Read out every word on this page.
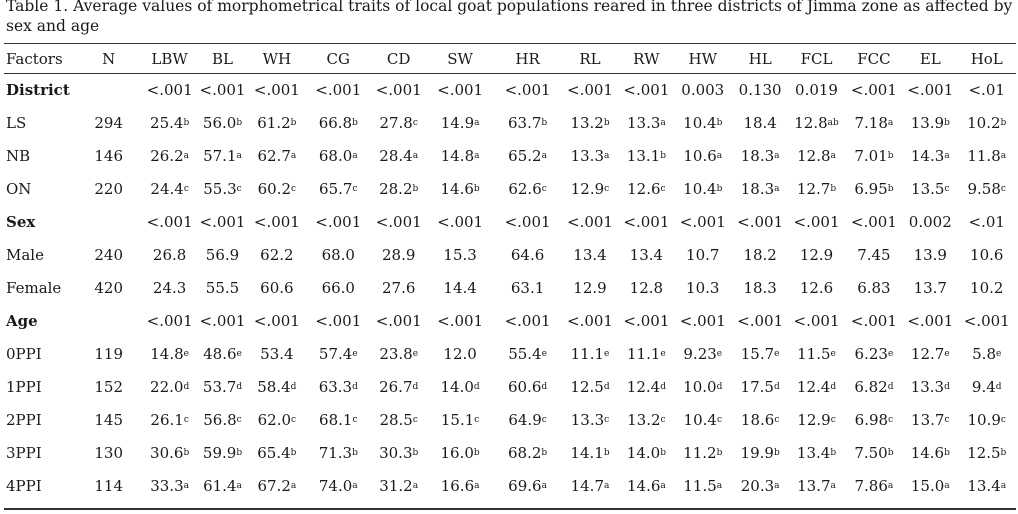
Table 1. Average values of morphometrical traits of local goat populations reared in three districts of Jimma zone as affected by sex and age
Factors	N	LBW	BL	WH	CG	CD	SW	HR	RL	RW	HW	HL	FCL	FCC	EL	HoL
District		<.001	<.001	<.001	<.001	<.001	<.001	<.001	<.001	<.001	0.003	0.130	0.019	<.001	<.001	<.01
LS	294	25.4$^b$	56.0$^b$	61.2$^b$	66.8$^b$	27.8$^c$	14.9$^a$	63.7$^b$	13.2$^b$	13.3$^a$	10.4$^b$	18.4	12.8$^{ab}$	7.18$^a$	13.9$^b$	10.2$^b$
NB	146	26.2$^a$	57.1$^a$	62.7$^a$	68.0$^a$	28.4$^a$	14.8$^a$	65.2$^a$	13.3$^a$	13.1$^b$	10.6$^a$	18.3$^a$	12.8$^a$	7.01$^b$	14.3$^a$	11.8$^a$
ON	220	24.4$^c$	55.3$^c$	60.2$^c$	65.7$^c$	28.2$^b$	14.6$^b$	62.6$^c$	12.9$^c$	12.6$^c$	10.4$^b$	18.3$^a$	12.7$^b$	6.95$^b$	13.5$^c$	9.58$^c$
Sex		<.001	<.001	<.001	<.001	<.001	<.001	<.001	<.001	<.001	<.001	<.001	<.001	<.001	0.002	<.01
Male	240	26.8	56.9	62.2	68.0	28.9	15.3	64.6	13.4	13.4	10.7	18.2	12.9	7.45	13.9	10.6
Female	420	24.3	55.5	60.6	66.0	27.6	14.4	63.1	12.9	12.8	10.3	18.3	12.6	6.83	13.7	10.2
Age		<.001	<.001	<.001	<.001	<.001	<.001	<.001	<.001	<.001	<.001	<.001	<.001	<.001	<.001	<.001
0PPI	119	14.8e	48.6e	53.4	57.4e	23.8e	12.0	55.4e	11.1e	11.1e	9.23e	15.7e	11.5e	6.23e	12.7e	5.8e
1PPI	152	22.0$^d$	53.7$^d$	58.4$^d$	63.3$^d$	26.7$^d$	14.0$^d$	60.6$^d$	12.5$^d$	12.4$^d$	10.0$^d$	17.5$^d$	12.4$^d$	6.82$^d$	13.3$^d$	9.4$^d$
2PPI	145	26.1$^c$	56.8$^c$	62.0$^c$	68.1$^c$	28.5$^c$	15.1$^c$	64.9$^c$	13.3$^c$	13.2$^c$	10.4$^c$	18.6$^c$	12.9$^c$	6.98$^c$	13.7$^c$	10.9$^c$
3PPI	130	30.6$^b$	59.9$^b$	65.4$^b$	71.3$^b$	30.3$^b$	16.0$^b$	68.2$^b$	14.1$^b$	14.0$^b$	11.2$^b$	19.9$^b$	13.4$^b$	7.50$^b$	14.6$^b$	12.5$^b$
4PPI	114	33.3$^a$	61.4$^a$	67.2$^a$	74.0$^a$	31.2$^a$	16.6$^a$	69.6$^a$	14.7$^a$	14.6$^a$	11.5$^a$	20.3$^a$	13.7$^a$	7.86$^a$	15.0$^a$	13.4$^a$
